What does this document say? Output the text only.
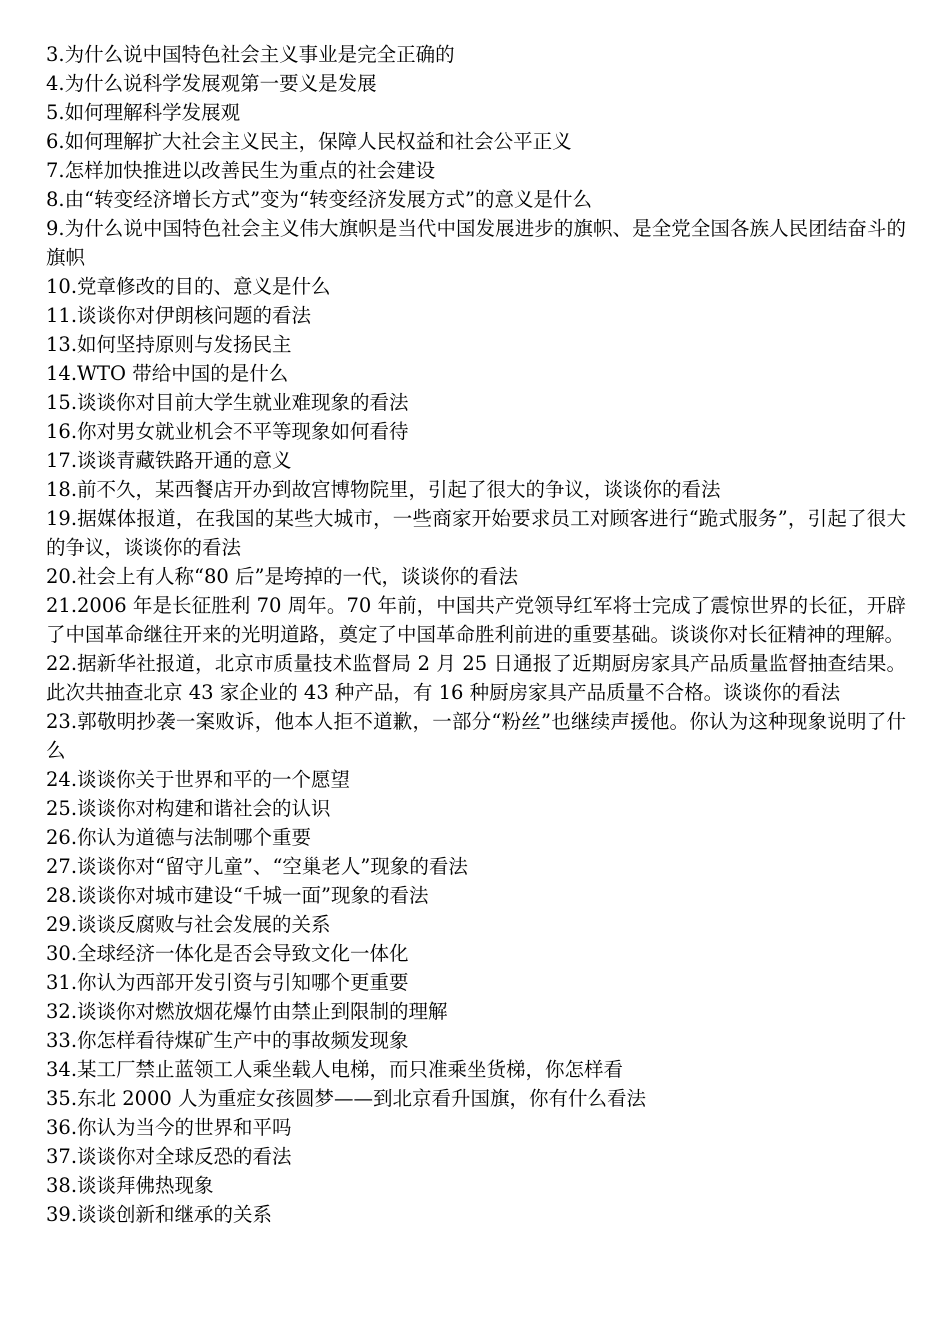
3.为什么说中国特色社会主义事业是完全正确的

4.为什么说科学发展观第一要义是发展

5.如何理解科学发展观

6.如何理解扩大社会主义民主，保障人民权益和社会公平正义

7.怎样加快推进以改善民生为重点的社会建设

8.由“转变经济增长方式”变为“转变经济发展方式”的意义是什么

9.为什么说中国特色社会主义伟大旗帜是当代中国发展进步的旗帜、是全党全国各族人民团结奋斗的旗帜

10.党章修改的目的、意义是什么

11.谈谈你对伊朗核问题的看法

13.如何坚持原则与发扬民主

14.WTO 带给中国的是什么

15.谈谈你对目前大学生就业难现象的看法

16.你对男女就业机会不平等现象如何看待

17.谈谈青藏铁路开通的意义

18.前不久，某西餐店开办到故宫博物院里，引起了很大的争议，谈谈你的看法

19.据媒体报道，在我国的某些大城市，一些商家开始要求员工对顾客进行“跪式服务”，引起了很大的争议，谈谈你的看法

20.社会上有人称“80 后”是垮掉的一代，谈谈你的看法

21.2006 年是长征胜利 70 周年。70 年前，中国共产党领导红军将士完成了震惊世界的长征，开辟了中国革命继往开来的光明道路，奠定了中国革命胜利前进的重要基础。谈谈你对长征精神的理解。

22.据新华社报道，北京市质量技术监督局 2 月 25 日通报了近期厨房家具产品质量监督抽查结果。此次共抽查北京 43 家企业的 43 种产品，有 16 种厨房家具产品质量不合格。谈谈你的看法

23.郭敬明抄袭一案败诉，他本人拒不道歉，一部分“粉丝”也继续声援他。你认为这种现象说明了什么

24.谈谈你关于世界和平的一个愿望

25.谈谈你对构建和谐社会的认识

26.你认为道德与法制哪个重要

27.谈谈你对“留守儿童”、“空巢老人”现象的看法

28.谈谈你对城市建设“千城一面”现象的看法

29.谈谈反腐败与社会发展的关系

30.全球经济一体化是否会导致文化一体化

31.你认为西部开发引资与引知哪个更重要

32.谈谈你对燃放烟花爆竹由禁止到限制的理解

33.你怎样看待煤矿生产中的事故频发现象

34.某工厂禁止蓝领工人乘坐载人电梯，而只准乘坐货梯，你怎样看

35.东北 2000 人为重症女孩圆梦——到北京看升国旗，你有什么看法

36.你认为当今的世界和平吗

37.谈谈你对全球反恐的看法

38.谈谈拜佛热现象

39.谈谈创新和继承的关系
